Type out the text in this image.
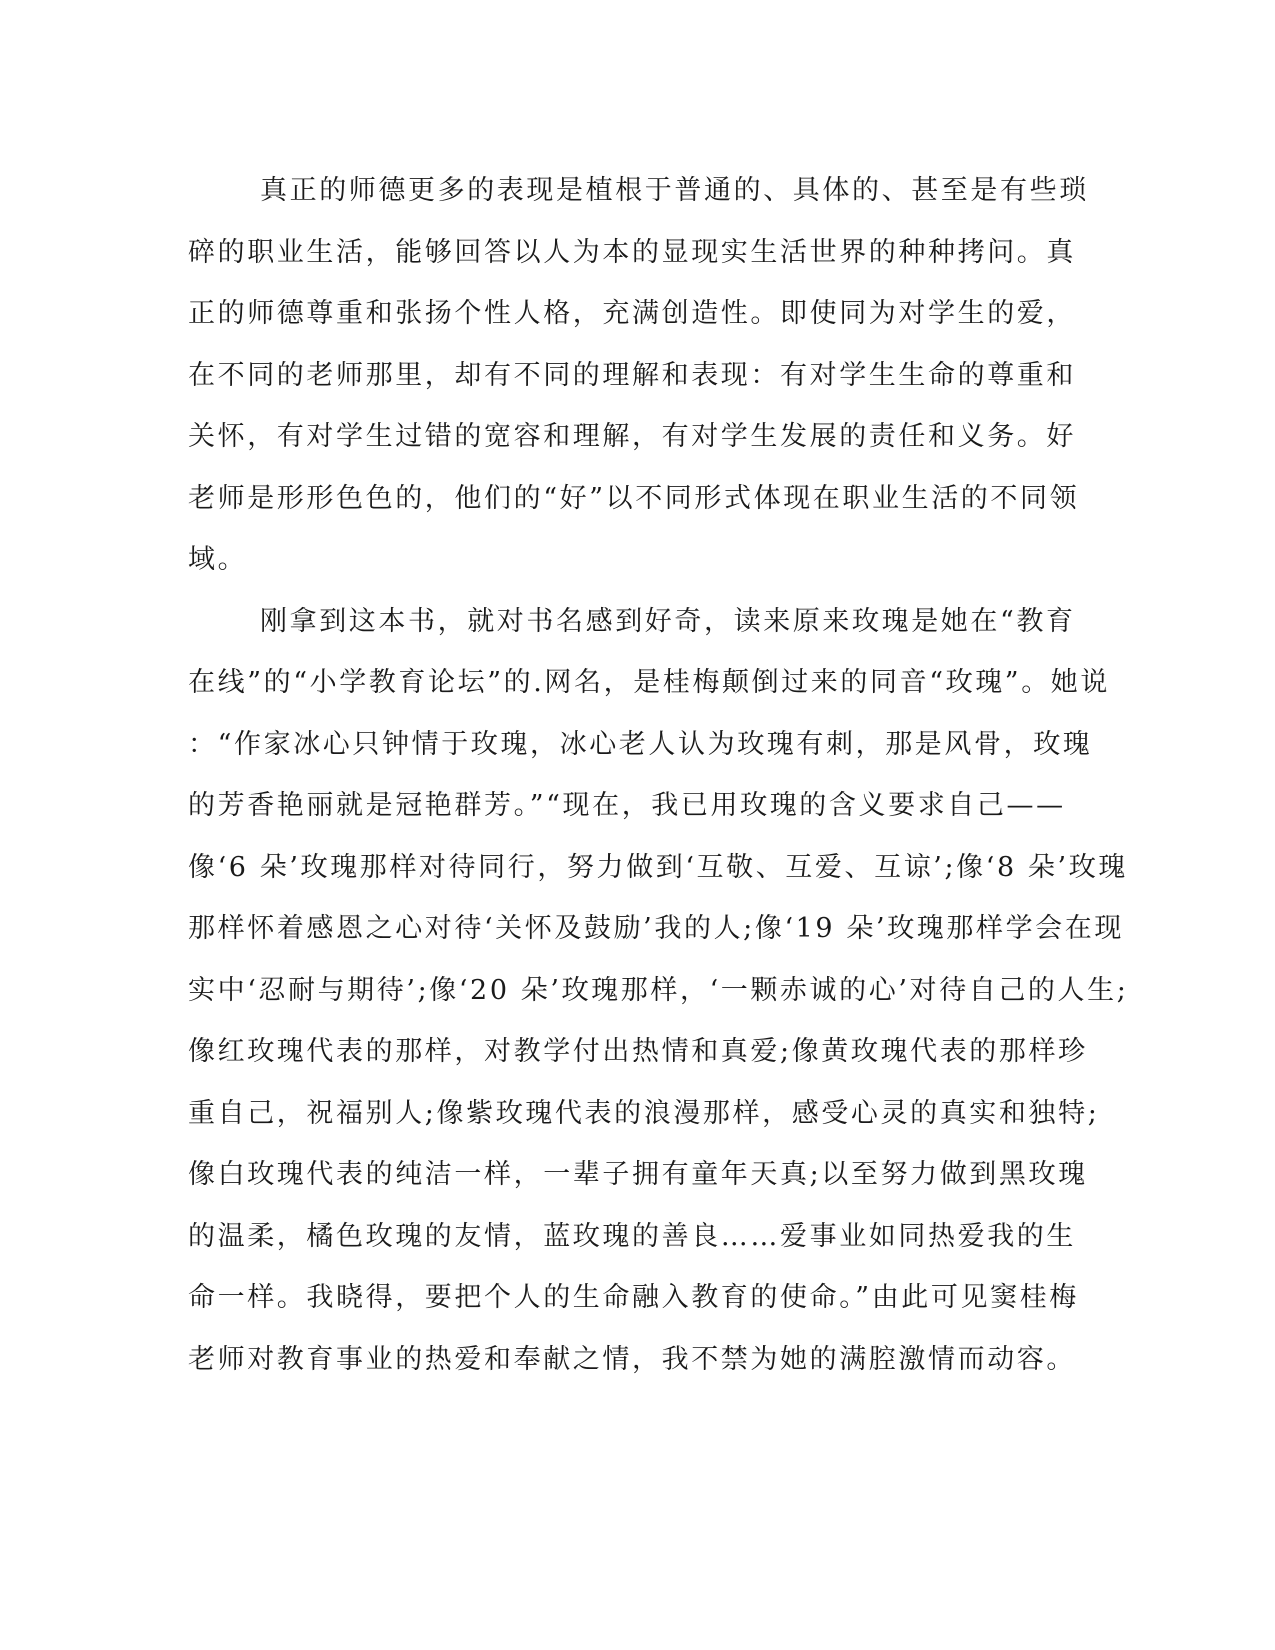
真正的师德更多的表现是植根于普通的、具体的、甚至是有些琐
碎的职业生活，能够回答以人为本的显现实生活世界的种种拷问。真
正的师德尊重和张扬个性人格，充满创造性。即使同为对学生的爱，
在不同的老师那里，却有不同的理解和表现：有对学生生命的尊重和
关怀，有对学生过错的宽容和理解，有对学生发展的责任和义务。好
老师是形形色色的，他们的“好”以不同形式体现在职业生活的不同领
域。
刚拿到这本书，就对书名感到好奇，读来原来玫瑰是她在“教育
在线”的“小学教育论坛”的.网名，是桂梅颠倒过来的同音“玫瑰”。她说
：“作家冰心只钟情于玫瑰，冰心老人认为玫瑰有刺，那是风骨，玫瑰
的芳香艳丽就是冠艳群芳。”“现在，我已用玫瑰的含义要求自己——
像‘6 朵’玫瑰那样对待同行，努力做到‘互敬、互爱、互谅’;像‘8 朵’玫瑰
那样怀着感恩之心对待‘关怀及鼓励’我的人;像‘19 朵’玫瑰那样学会在现
实中‘忍耐与期待’;像‘20 朵’玫瑰那样，‘一颗赤诚的心’对待自己的人生;
像红玫瑰代表的那样，对教学付出热情和真爱;像黄玫瑰代表的那样珍
重自己，祝福别人;像紫玫瑰代表的浪漫那样，感受心灵的真实和独特;
像白玫瑰代表的纯洁一样，一辈子拥有童年天真;以至努力做到黑玫瑰
的温柔，橘色玫瑰的友情，蓝玫瑰的善良……爱事业如同热爱我的生
命一样。我晓得，要把个人的生命融入教育的使命。”由此可见窦桂梅
老师对教育事业的热爱和奉献之情，我不禁为她的满腔激情而动容。
